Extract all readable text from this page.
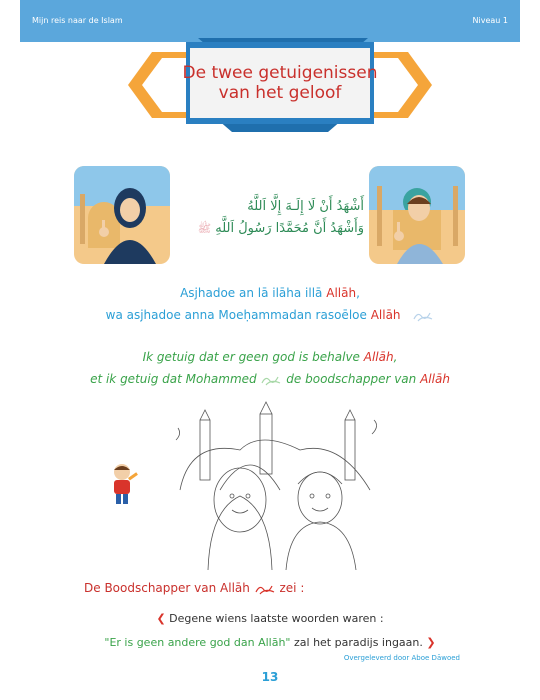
Mijn reis naar de Islam	Niveau 1
De twee getuigenissen
van het geloof
أَشْهَدُ أَنْ لَا إِلَـهَ إِلَّا اَللَّهُ
وَأَشْهَدُ أَنَّ مُحَمَّدًا رَسُولُ اَللَّهِ ﷺ
Asjhadoe an lā ilāha illā Allāh,
wa asjhadoe anna Moeḥammadan rasoēloe Allāh
Ik getuig dat er geen god is behalve Allāh,
et ik getuig dat Mohammed  de boodschapper van Allāh
De Boodschapper van Allāh  zei :
❮ Degene wiens laatste woorden waren :
"Er is geen andere god dan Allāh" zal het paradijs ingaan. ❯
Overgeleverd door Aboe Dāwoed
13
